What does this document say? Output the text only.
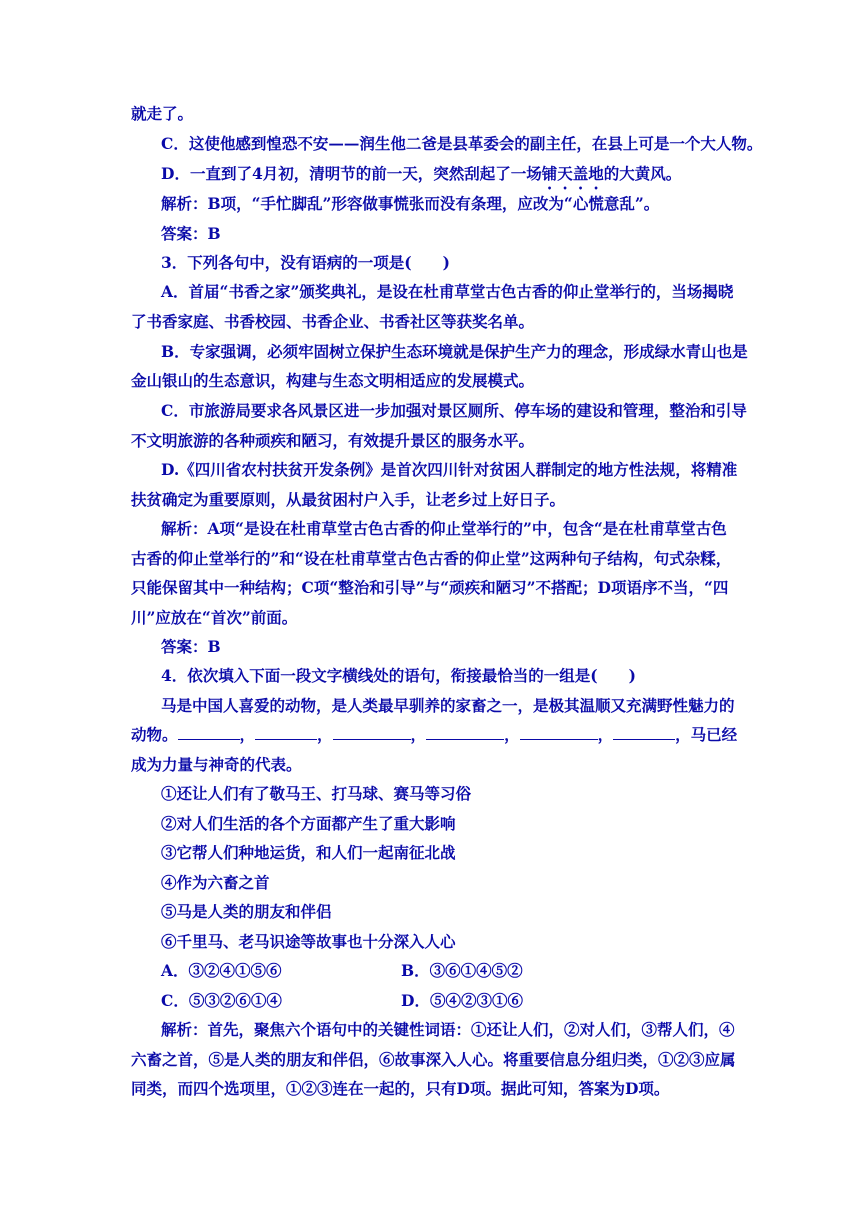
就走了。
C．这使他感到惶恐不安——润生他二爸是县革委会的副主任，在县上可是一个大人物。
D．一直到了4月初，清明节的前一天，突然刮起了一场铺天盖地的大黄风。
解析：B项，“手忙脚乱”形容做事慌张而没有条理，应改为“心慌意乱”。
答案：B
3．下列各句中，没有语病的一项是(　　)
A．首届“书香之家”颁奖典礼，是设在杜甫草堂古色古香的仰止堂举行的，当场揭晓
了书香家庭、书香校园、书香企业、书香社区等获奖名单。
B．专家强调，必须牢固树立保护生态环境就是保护生产力的理念，形成绿水青山也是
金山银山的生态意识，构建与生态文明相适应的发展模式。
C．市旅游局要求各风景区进一步加强对景区厕所、停车场的建设和管理，整治和引导
不文明旅游的各种顽疾和陋习，有效提升景区的服务水平。
D.《四川省农村扶贫开发条例》是首次四川针对贫困人群制定的地方性法规，将精准
扶贫确定为重要原则，从最贫困村户入手，让老乡过上好日子。
解析：A项“是设在杜甫草堂古色古香的仰止堂举行的”中，包含“是在杜甫草堂古色
古香的仰止堂举行的”和“设在杜甫草堂古色古香的仰止堂”这两种句子结构，句式杂糅，
只能保留其中一种结构；C项“整治和引导”与“顽疾和陋习”不搭配；D项语序不当，“四
川”应放在“首次”前面。
答案：B
4．依次填入下面一段文字横线处的语句，衔接最恰当的一组是(　　)
马是中国人喜爱的动物，是人类最早驯养的家畜之一，是极其温顺又充满野性魅力的
动物。	，	，	，	，	，	，马已经
成为力量与神奇的代表。
①还让人们有了敬马王、打马球、赛马等习俗
②对人们生活的各个方面都产生了重大影响
③它帮人们种地运货，和人们一起南征北战
④作为六畜之首
⑤马是人类的朋友和伴侣
⑥千里马、老马识途等故事也十分深入人心
A．③②④①⑤⑥	B．③⑥①④⑤②
C．⑤③②⑥①④	D．⑤④②③①⑥
解析：首先，聚焦六个语句中的关键性词语：①还让人们，②对人们，③帮人们，④
六畜之首，⑤是人类的朋友和伴侣，⑥故事深入人心。将重要信息分组归类，①②③应属
同类，而四个选项里，①②③连在一起的，只有D项。据此可知，答案为D项。
